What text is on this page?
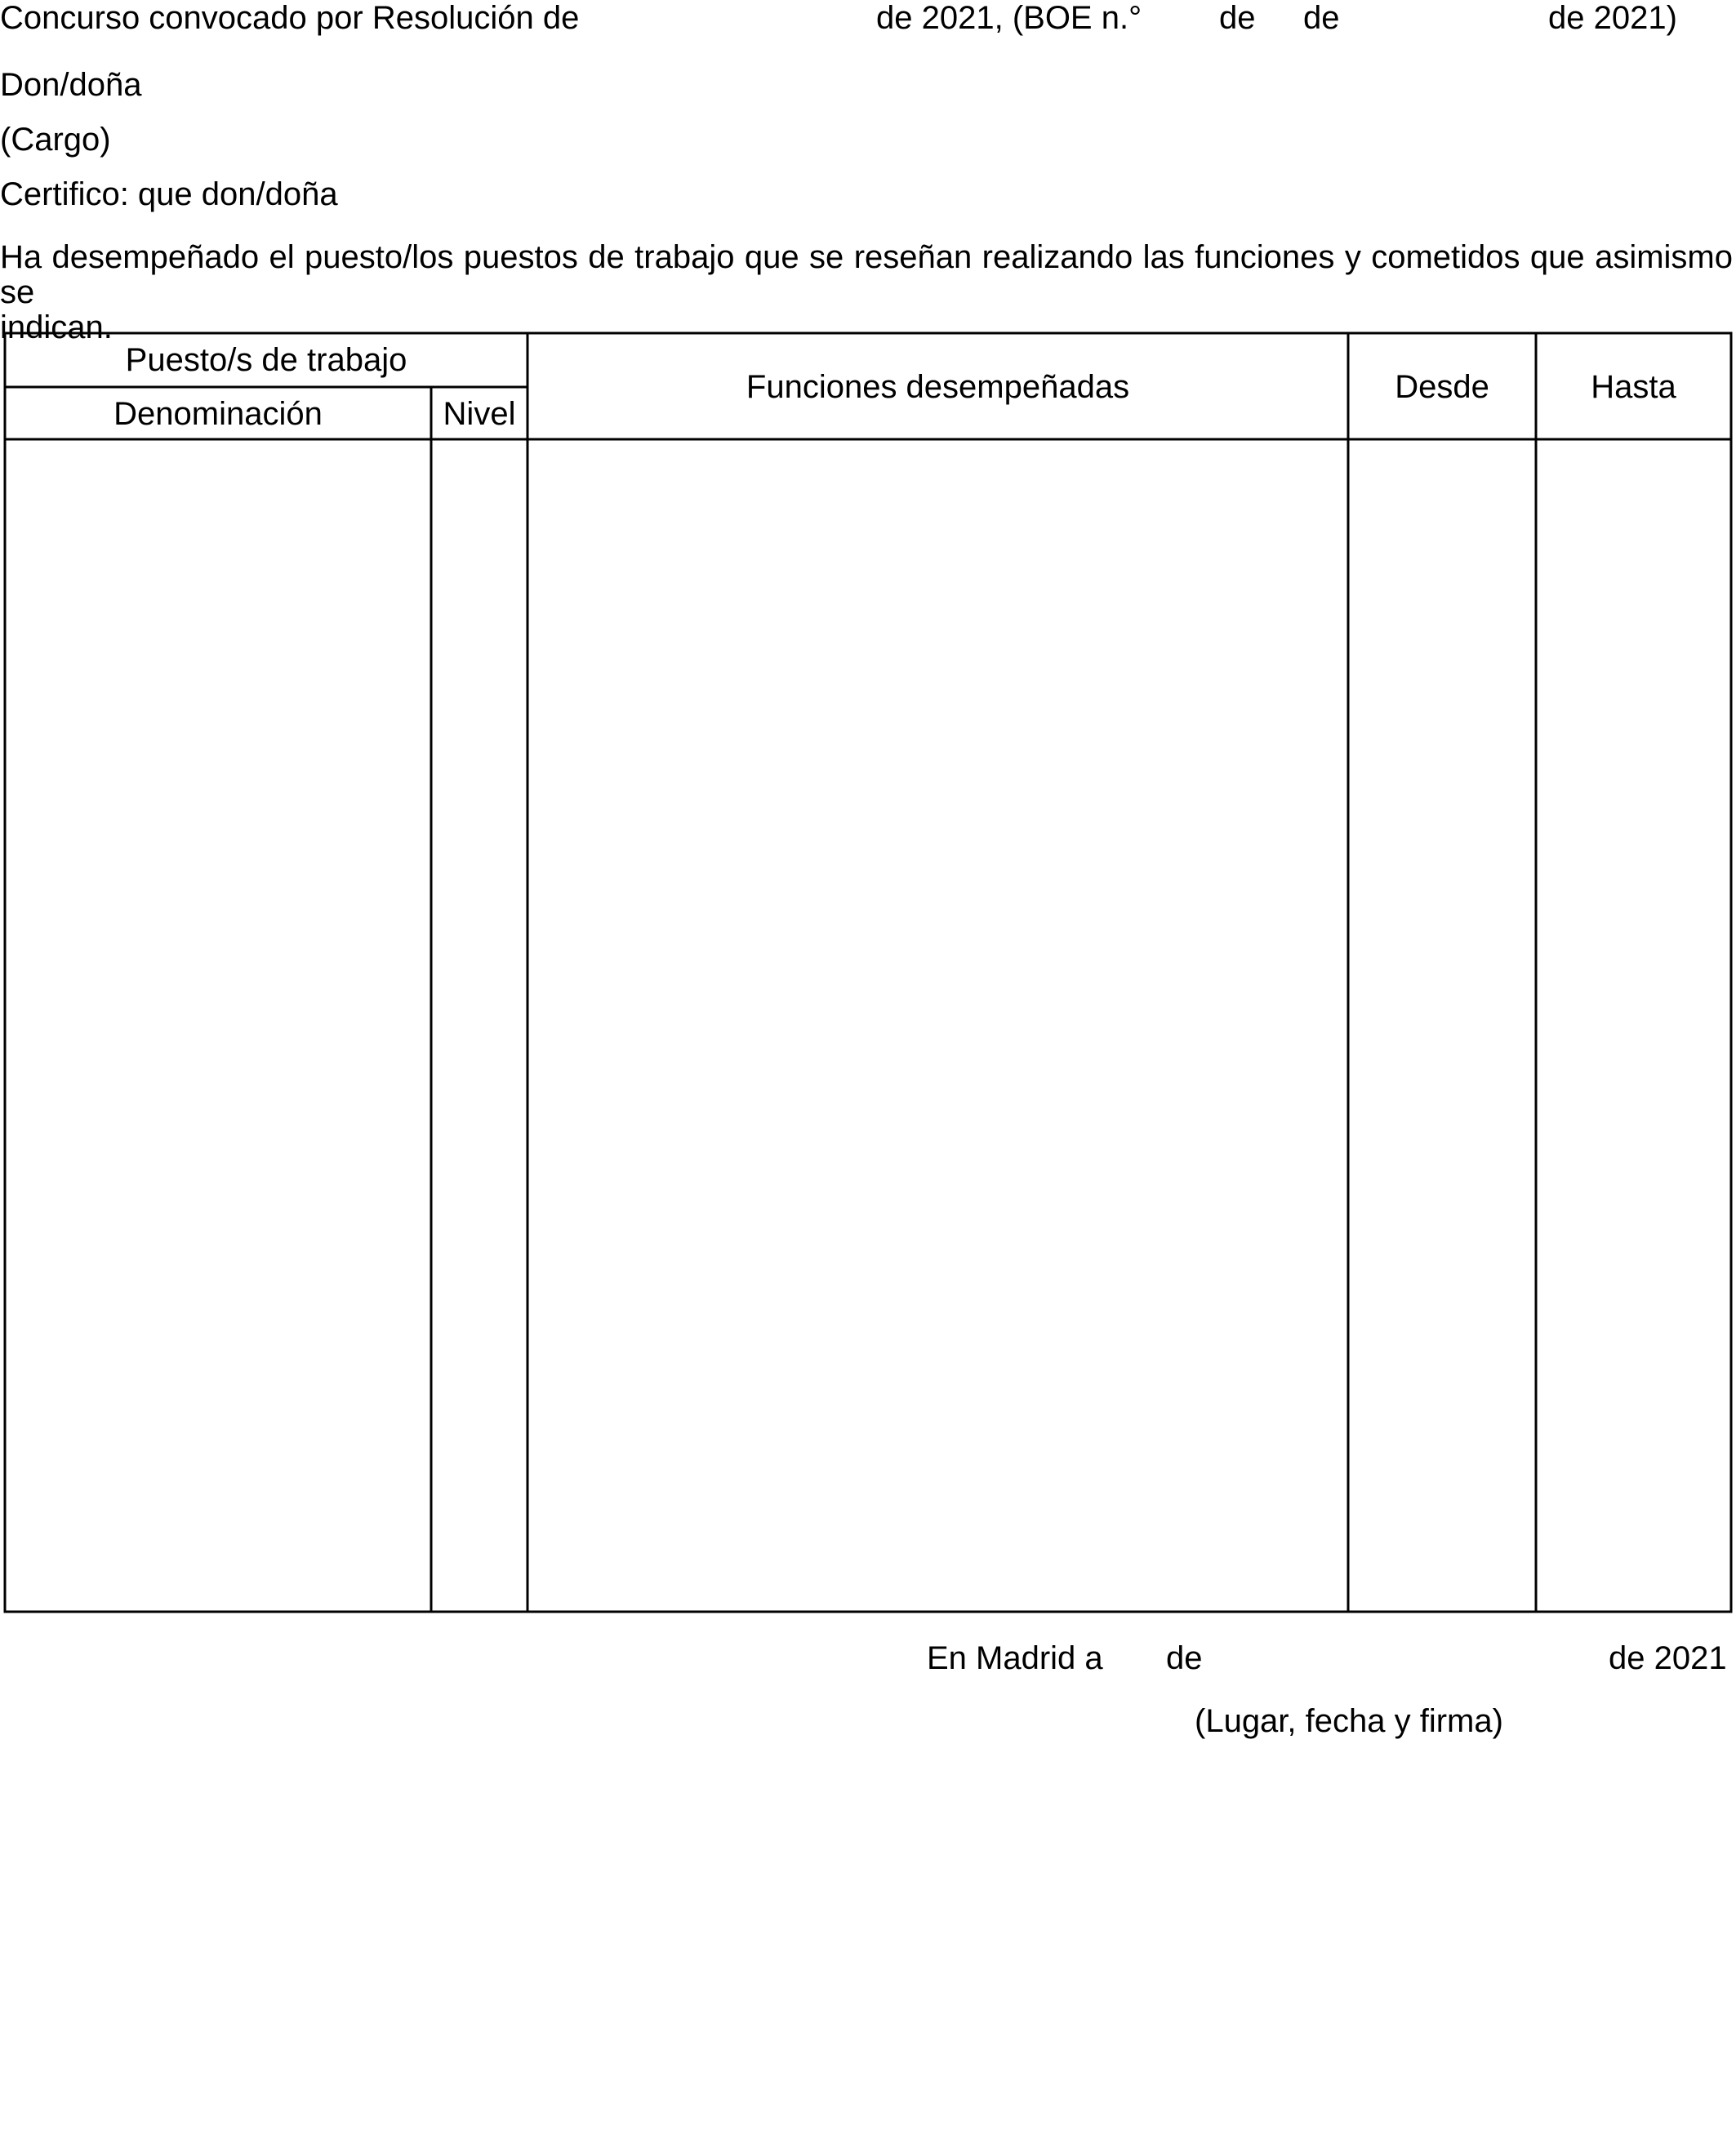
Concurso convocado por Resolución de	de 2021, (BOE n.° de de	de 2021)
Don/doña
(Cargo)
Certifico: que don/doña
Ha desempeñado el puesto/los puestos de trabajo que se reseñan realizando las funciones y cometidos que asimismo se
indican.
Puesto/s de trabajo
Denominación	Nivel
Funciones desempeñadas	Desde	Hasta
En Madrid a de	de 2021
(Lugar, fecha y firma)
